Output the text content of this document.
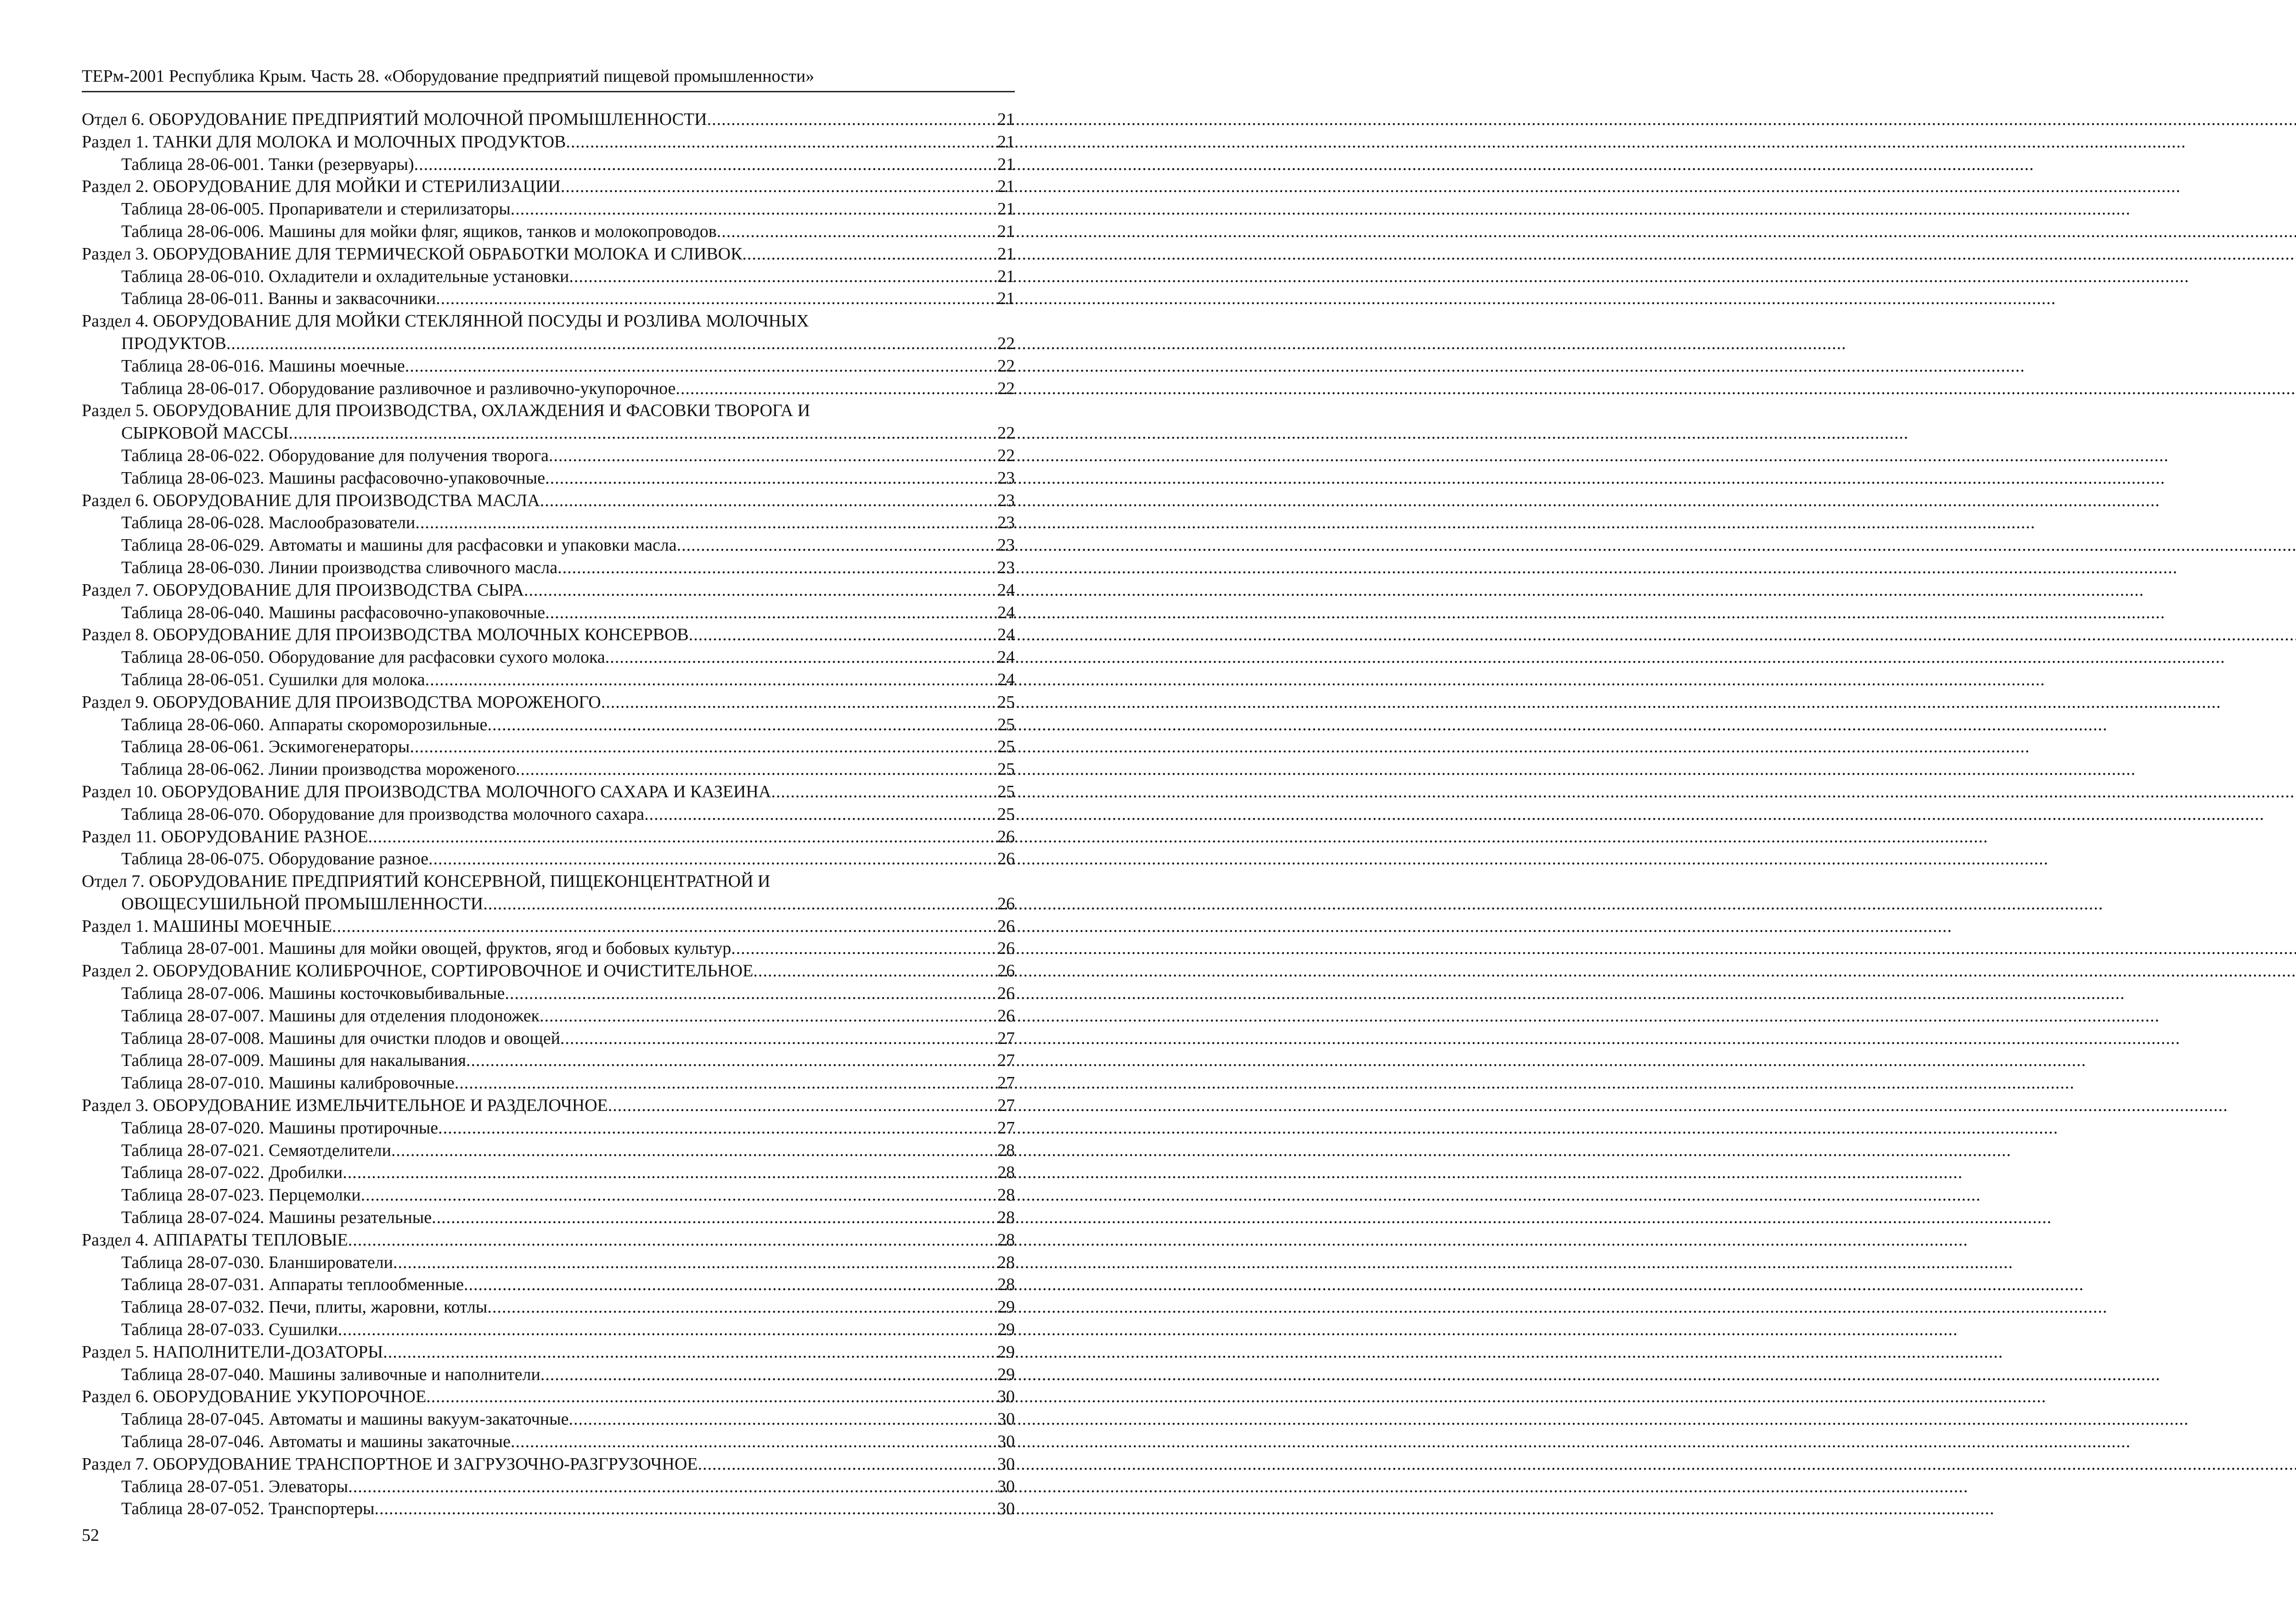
ТЕРм-2001 Республика Крым. Часть 28. «Оборудование предприятий пищевой промышленности»
Отдел 6. ОБОРУДОВАНИЕ ПРЕДПРИЯТИЙ МОЛОЧНОЙ ПРОМЫШЛЕННОСТИ .....	21
Раздел 1. ТАНКИ ДЛЯ МОЛОКА И МОЛОЧНЫХ ПРОДУКТОВ .....	21
Таблица 28-06-001. Танки (резервуары) .....	21
Раздел 2. ОБОРУДОВАНИЕ ДЛЯ МОЙКИ И СТЕРИЛИЗАЦИИ .....	21
Таблица 28-06-005. Пропариватели и стерилизаторы .....	21
Таблица 28-06-006. Машины для мойки фляг, ящиков, танков и молокопроводов .....	21
Раздел 3. ОБОРУДОВАНИЕ ДЛЯ ТЕРМИЧЕСКОЙ ОБРАБОТКИ МОЛОКА И СЛИВОК .....	21
Таблица 28-06-010. Охладители и охладительные установки .....	21
Таблица 28-06-011. Ванны и заквасочники .....	21
Раздел 4. ОБОРУДОВАНИЕ ДЛЯ МОЙКИ СТЕКЛЯННОЙ ПОСУДЫ И РОЗЛИВА МОЛОЧНЫХ
ПРОДУКТОВ .....	22
Таблица 28-06-016. Машины моечные .....	22
Таблица 28-06-017. Оборудование разливочное и разливочно-укупорочное .....	22
Раздел 5. ОБОРУДОВАНИЕ ДЛЯ ПРОИЗВОДСТВА, ОХЛАЖДЕНИЯ И ФАСОВКИ ТВОРОГА И
СЫРКОВОЙ МАССЫ .....	22
Таблица 28-06-022. Оборудование для получения творога .....	22
Таблица 28-06-023. Машины расфасовочно-упаковочные .....	23
Раздел 6. ОБОРУДОВАНИЕ ДЛЯ ПРОИЗВОДСТВА МАСЛА .....	23
Таблица 28-06-028. Маслообразователи .....	23
Таблица 28-06-029. Автоматы и машины для расфасовки и упаковки масла .....	23
Таблица 28-06-030. Линии производства сливочного масла .....	23
Раздел 7. ОБОРУДОВАНИЕ ДЛЯ ПРОИЗВОДСТВА СЫРА .....	24
Таблица 28-06-040. Машины расфасовочно-упаковочные .....	24
Раздел 8. ОБОРУДОВАНИЕ ДЛЯ ПРОИЗВОДСТВА МОЛОЧНЫХ КОНСЕРВОВ .....	24
Таблица 28-06-050. Оборудование для расфасовки сухого молока .....	24
Таблица 28-06-051. Сушилки для молока .....	24
Раздел 9. ОБОРУДОВАНИЕ ДЛЯ ПРОИЗВОДСТВА МОРОЖЕНОГО .....	25
Таблица 28-06-060. Аппараты скороморозильные .....	25
Таблица 28-06-061. Эскимогенераторы .....	25
Таблица 28-06-062. Линии производства мороженого .....	25
Раздел 10. ОБОРУДОВАНИЕ ДЛЯ ПРОИЗВОДСТВА МОЛОЧНОГО САХАРА И КАЗЕИНА .....	25
Таблица 28-06-070. Оборудование для производства молочного сахара .....	25
Раздел 11. ОБОРУДОВАНИЕ РАЗНОЕ .....	26
Таблица 28-06-075. Оборудование разное .....	26
Отдел 7. ОБОРУДОВАНИЕ ПРЕДПРИЯТИЙ КОНСЕРВНОЙ, ПИЩЕКОНЦЕНТРАТНОЙ И
ОВОЩЕСУШИЛЬНОЙ ПРОМЫШЛЕННОСТИ .....	26
Раздел 1. МАШИНЫ МОЕЧНЫЕ .....	26
Таблица 28-07-001. Машины для мойки овощей, фруктов, ягод и бобовых культур .....	26
Раздел 2. ОБОРУДОВАНИЕ КОЛИБРОЧНОЕ, СОРТИРОВОЧНОЕ И ОЧИСТИТЕЛЬНОЕ .....	26
Таблица 28-07-006. Машины косточковыбивальные .....	26
Таблица 28-07-007. Машины для отделения плодоножек .....	26
Таблица 28-07-008. Машины для очистки плодов и овощей .....	27
Таблица 28-07-009. Машины для накалывания .....	27
Таблица 28-07-010. Машины калибровочные .....	27
Раздел 3. ОБОРУДОВАНИЕ ИЗМЕЛЬЧИТЕЛЬНОЕ И РАЗДЕЛОЧНОЕ .....	27
Таблица 28-07-020. Машины протирочные .....	27
Таблица 28-07-021. Семяотделители .....	28
Таблица 28-07-022. Дробилки .....	28
Таблица 28-07-023. Перцемолки .....	28
Таблица 28-07-024. Машины резательные .....	28
Раздел 4. АППАРАТЫ ТЕПЛОВЫЕ .....	28
Таблица 28-07-030. Бланширователи .....	28
Таблица 28-07-031. Аппараты теплообменные .....	28
Таблица 28-07-032. Печи, плиты, жаровни, котлы .....	29
Таблица 28-07-033. Сушилки .....	29
Раздел 5. НАПОЛНИТЕЛИ-ДОЗАТОРЫ .....	29
Таблица 28-07-040. Машины заливочные и наполнители .....	29
Раздел 6. ОБОРУДОВАНИЕ УКУПОРОЧНОЕ .....	30
Таблица 28-07-045. Автоматы и машины вакуум-закаточные .....	30
Таблица 28-07-046. Автоматы и машины закаточные .....	30
Раздел 7. ОБОРУДОВАНИЕ ТРАНСПОРТНОЕ И ЗАГРУЗОЧНО-РАЗГРУЗОЧНОЕ .....	30
Таблица 28-07-051. Элеваторы .....	30
Таблица 28-07-052. Транспортеры .....	30
52
